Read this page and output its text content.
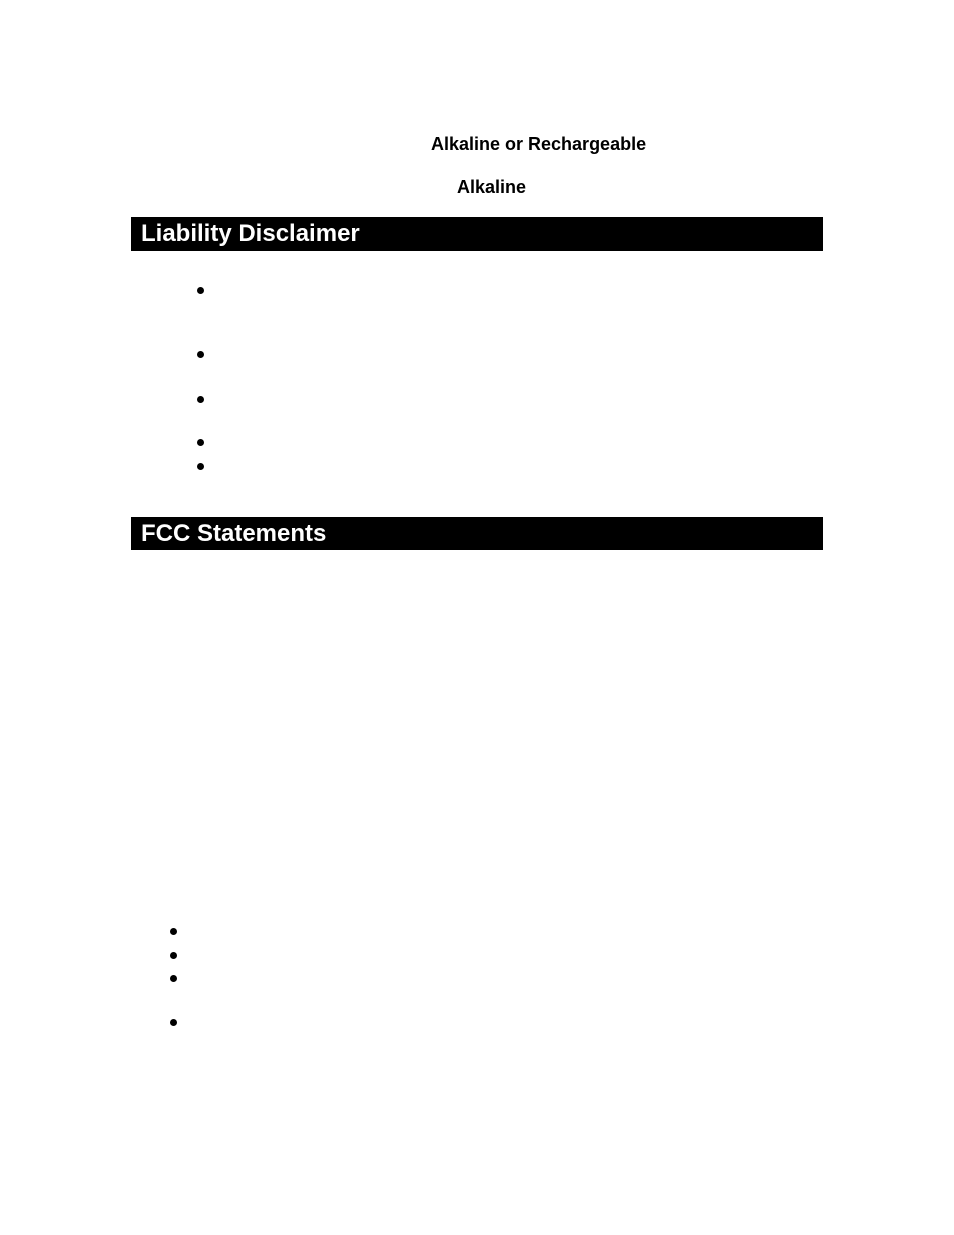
Alkaline or Rechargeable
Alkaline
Liability Disclaimer
FCC Statements
